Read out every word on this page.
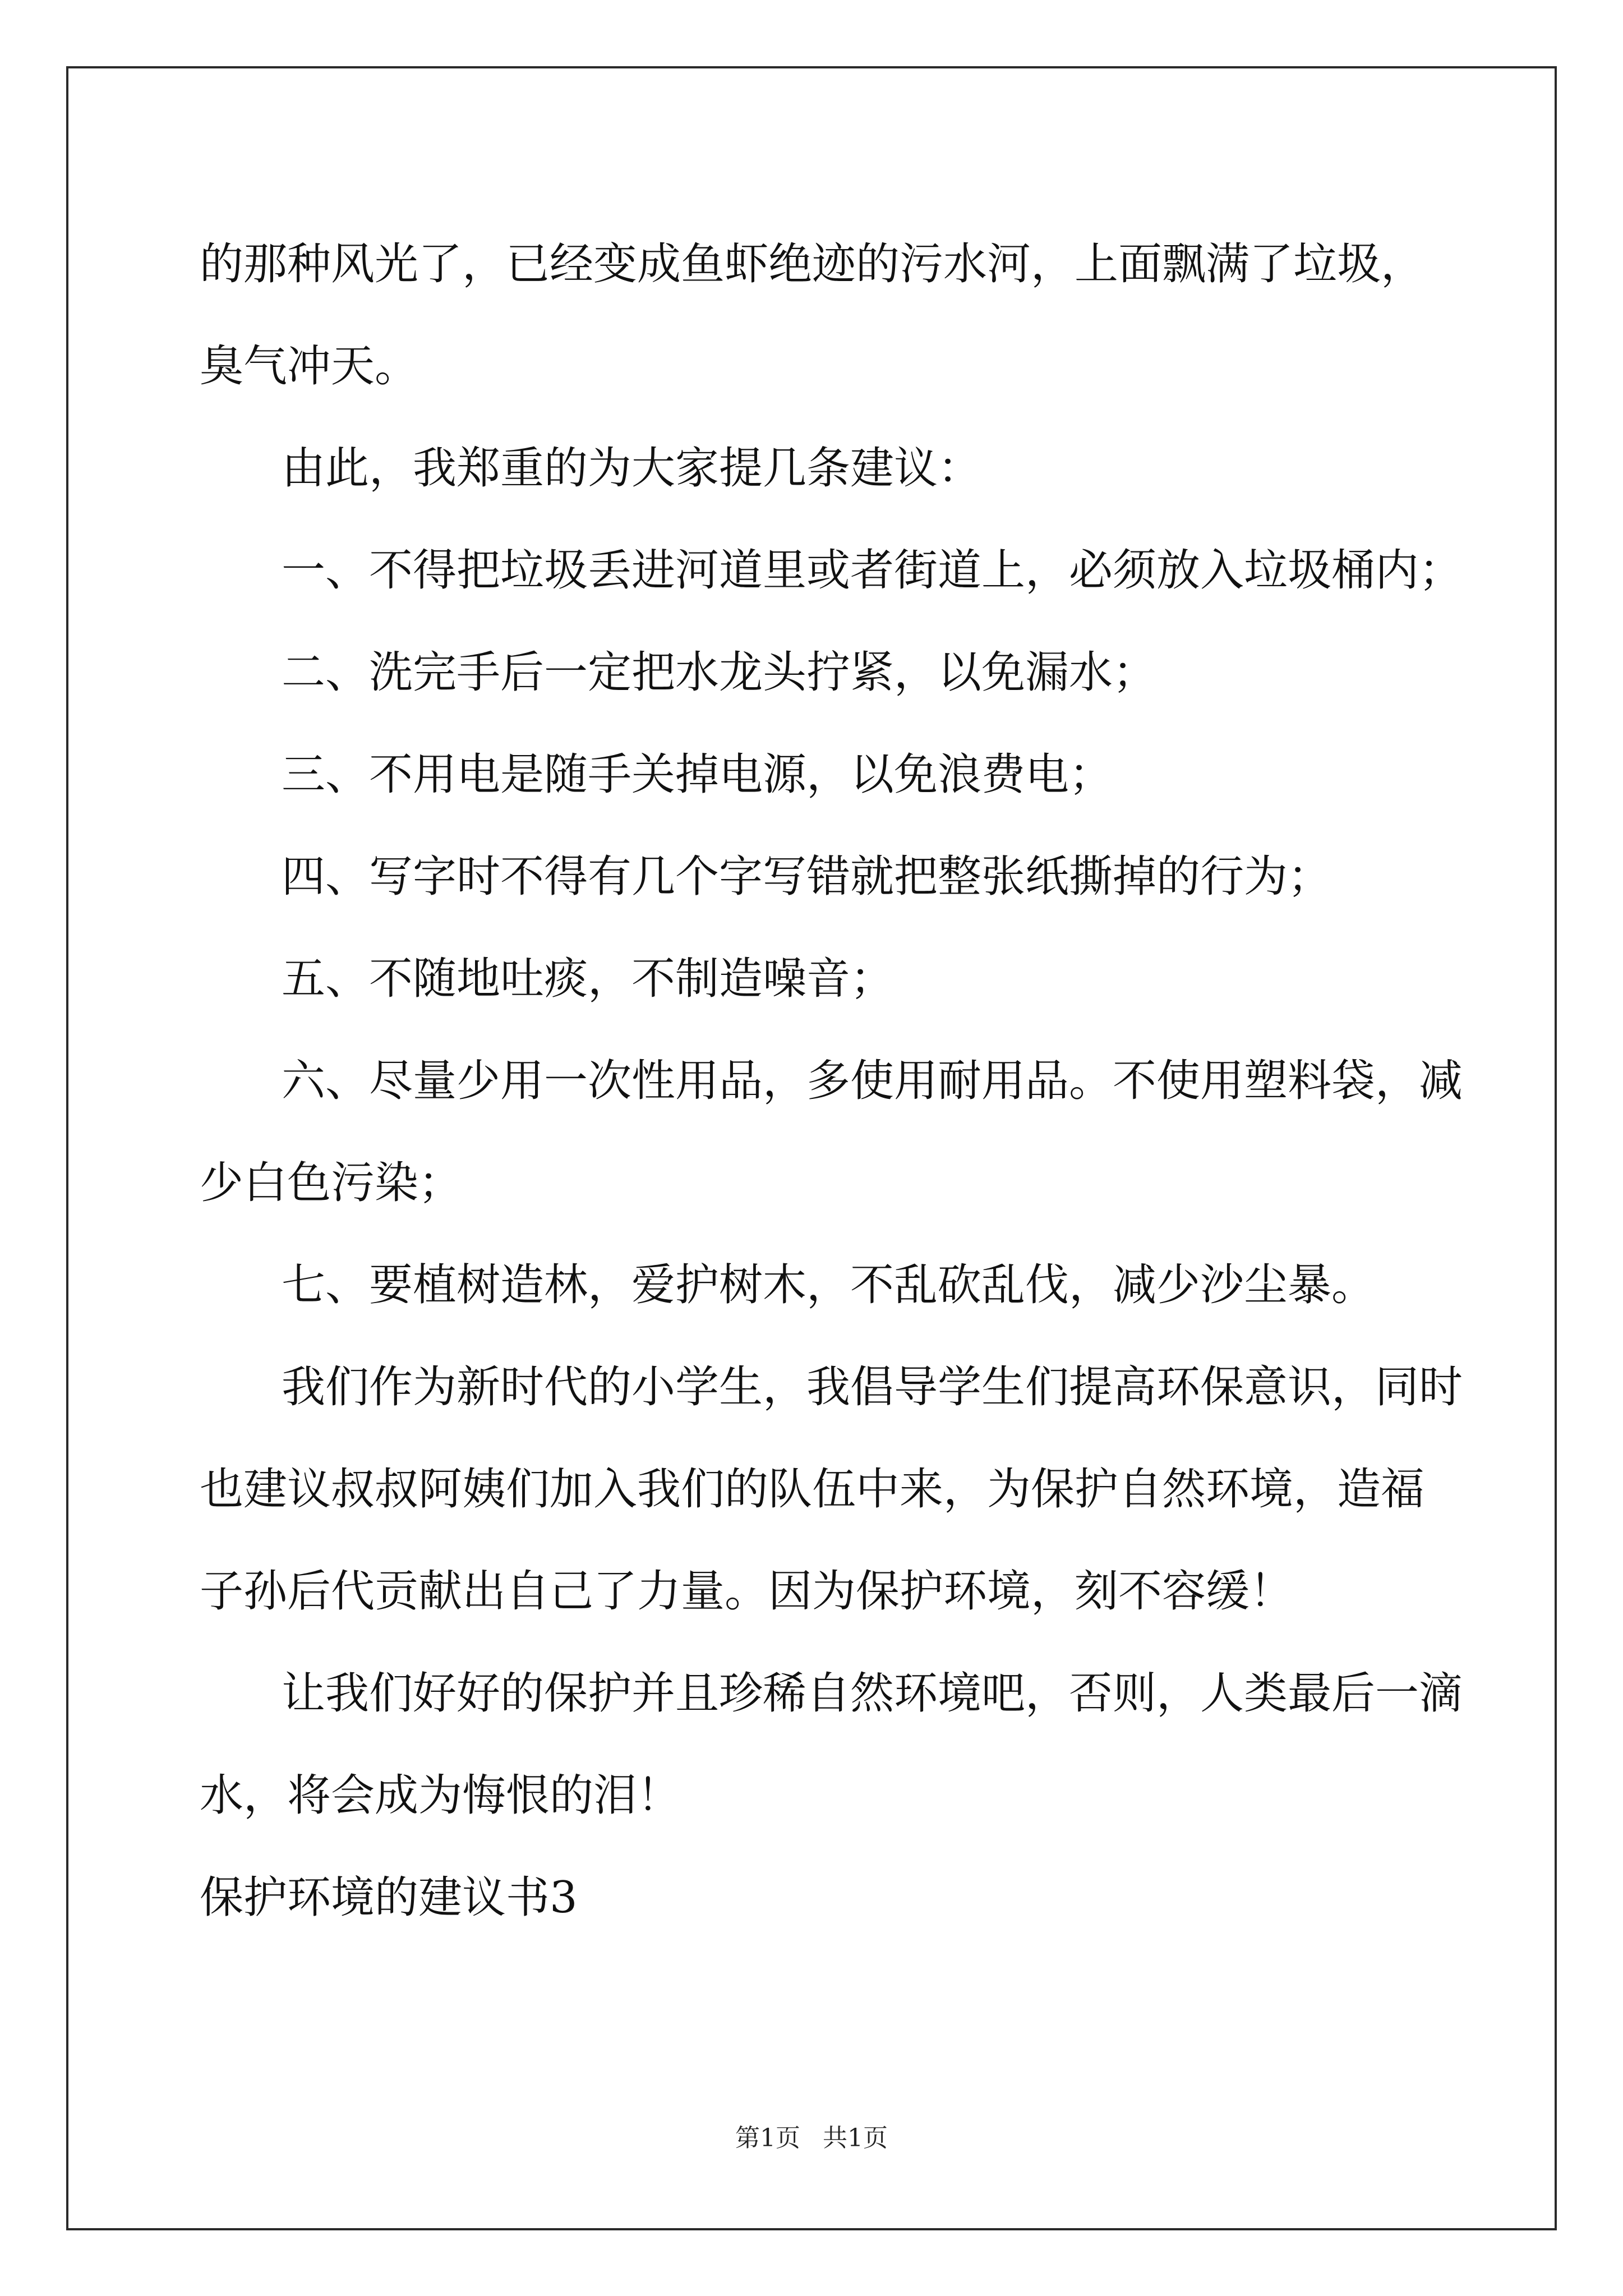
的那种风光了，已经变成鱼虾绝迹的污水河，上面飘满了垃圾，臭气冲天。

由此，我郑重的为大家提几条建议：

一、不得把垃圾丢进河道里或者街道上，必须放入垃圾桶内；

二、洗完手后一定把水龙头拧紧，以免漏水；

三、不用电是随手关掉电源，以免浪费电；

四、写字时不得有几个字写错就把整张纸撕掉的行为；

五、不随地吐痰，不制造噪音；

六、尽量少用一次性用品，多使用耐用品。不使用塑料袋，减少白色污染；

七、要植树造林，爱护树木，不乱砍乱伐，减少沙尘暴。

我们作为新时代的小学生，我倡导学生们提高环保意识，同时也建议叔叔阿姨们加入我们的队伍中来，为保护自然环境，造福子孙后代贡献出自己了力量。因为保护环境，刻不容缓！

让我们好好的保护并且珍稀自然环境吧，否则，人类最后一滴水，将会成为悔恨的泪！

保护环境的建议书3

第1页 共1页
